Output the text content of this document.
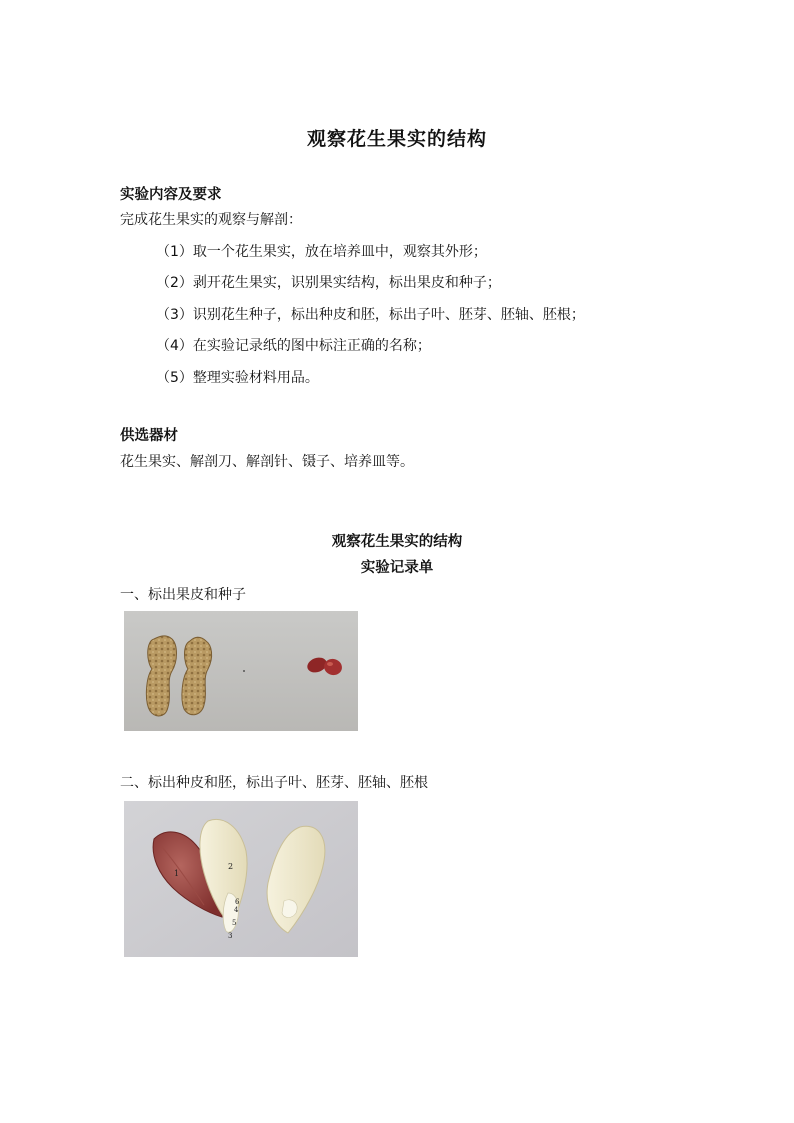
观察花生果实的结构
实验内容及要求
完成花生果实的观察与解剖：
（1）取一个花生果实，放在培养皿中，观察其外形；
（2）剥开花生果实，识别果实结构，标出果皮和种子；
（3）识别花生种子，标出种皮和胚，标出子叶、胚芽、胚轴、胚根；
（4）在实验记录纸的图中标注正确的名称；
（5）整理实验材料用品。
供选器材
花生果实、解剖刀、解剖针、镊子、培养皿等。
观察花生果实的结构
实验记录单
一、标出果皮和种子
二、标出种皮和胚，标出子叶、胚芽、胚轴、胚根
1
2
6
4
5
3
